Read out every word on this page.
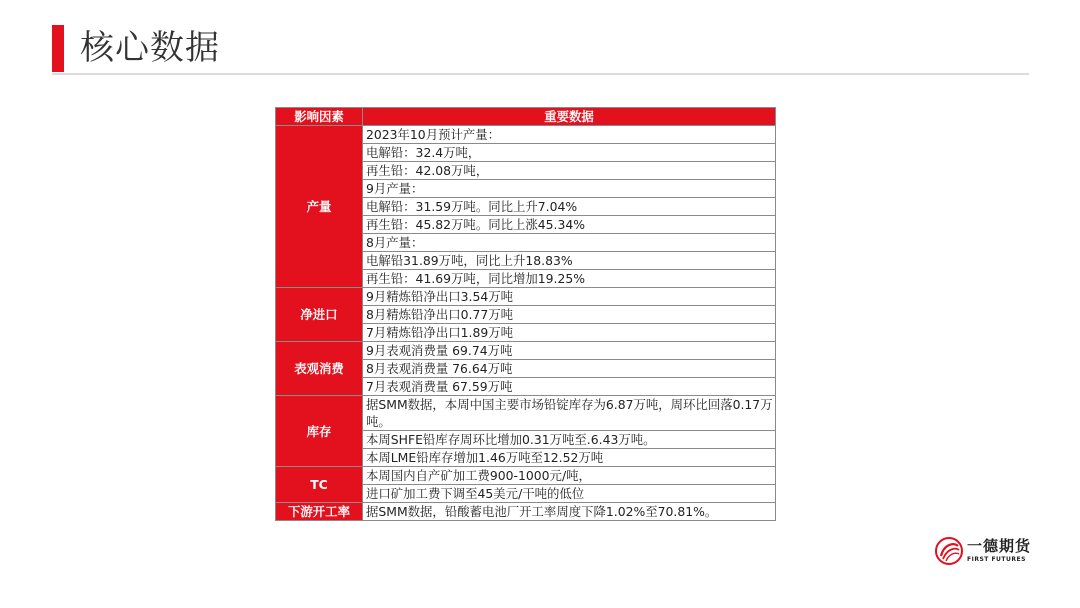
核心数据
影响因素	重要数据
产量	2023年10月预计产量：
	电解铅：32.4万吨，
	再生铅：42.08万吨，
	9月产量：
	电解铅：31.59万吨。同比上升7.04%
	再生铅：45.82万吨。同比上涨45.34%
	8月产量：
	电解铅31.89万吨，同比上升18.83%
	再生铅：41.69万吨，同比增加19.25%
净进口	9月精炼铅净出口3.54万吨
	8月精炼铅净出口0.77万吨
	7月精炼铅净出口1.89万吨
表观消费	9月表观消费量 69.74万吨
	8月表观消费量 76.64万吨
	7月表观消费量 67.59万吨
库存	据SMM数据，本周中国主要市场铅锭库存为6.87万吨，周环比回落0.17万吨。
	本周SHFE铅库存周环比增加0.31万吨至.6.43万吨。
	本周LME铅库存增加1.46万吨至12.52万吨
TC	本周国内自产矿加工费900-1000元/吨，
	进口矿加工费下调至45美元/干吨的低位
下游开工率	据SMM数据，铅酸蓄电池厂开工率周度下降1.02%至70.81%。
一德期货
FIRST FUTURES
